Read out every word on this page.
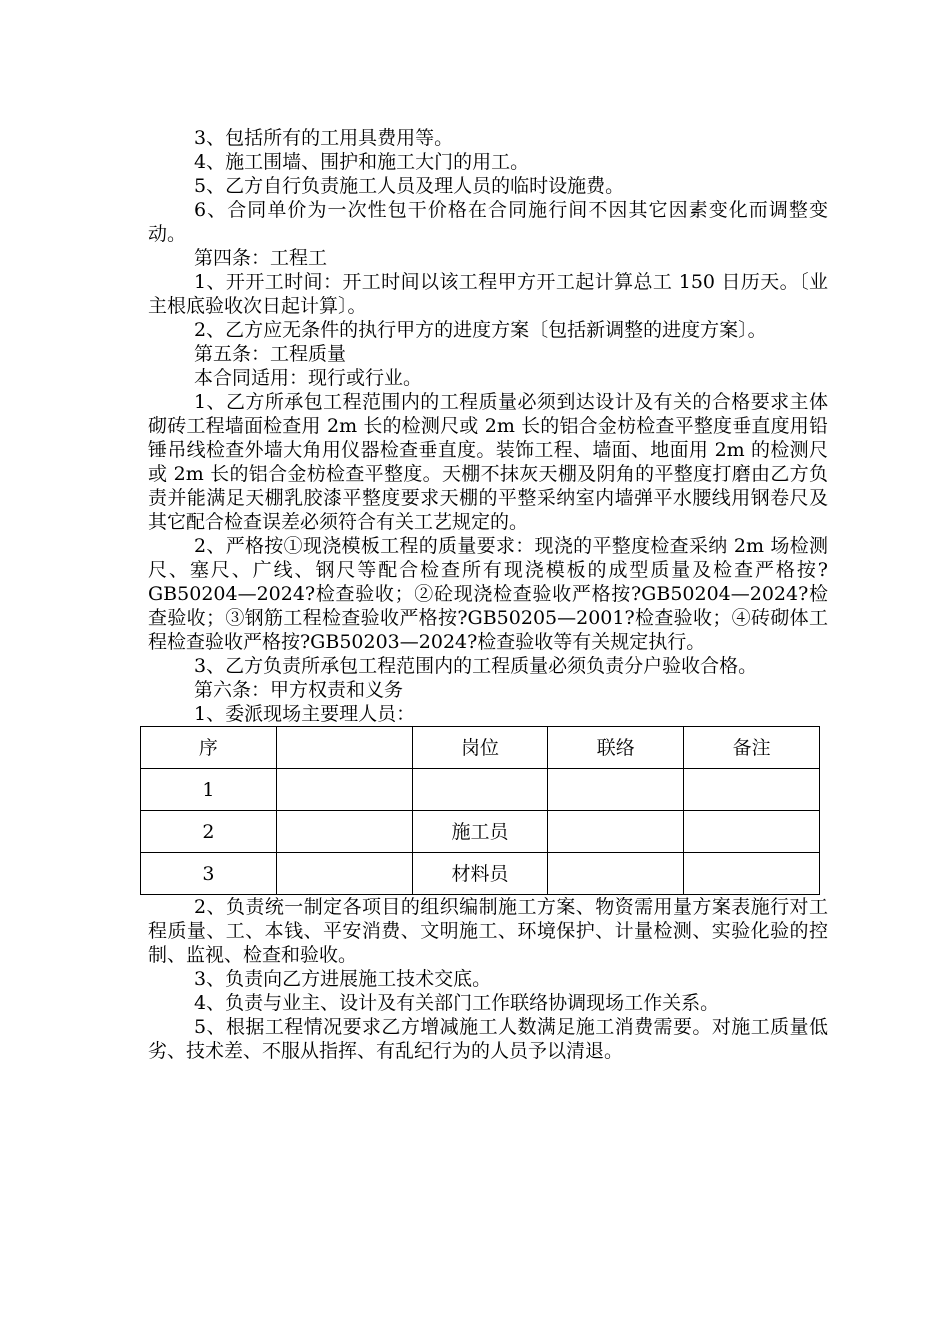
3、包括所有的工用具费用等。

4、施工围墙、围护和施工大门的用工。

5、乙方自行负责施工人员及理人员的临时设施费。

6、合同单价为一次性包干价格在合同施行间不因其它因素变化而调整变动。

第四条：工程工

1、开开工时间：开工时间以该工程甲方开工起计算总工 150 日历天。〔业主根底验收次日起计算〕。

2、乙方应无条件的执行甲方的进度方案〔包括新调整的进度方案〕。

第五条：工程质量

本合同适用：现行或行业。

1、乙方所承包工程范围内的工程质量必须到达设计及有关的合格要求主体砌砖工程墙面检查用 2m 长的检测尺或 2m 长的铝合金枋检查平整度垂直度用铅锤吊线检查外墙大角用仪器检查垂直度。装饰工程、墙面、地面用 2m 的检测尺或 2m 长的铝合金枋检查平整度。天棚不抹灰天棚及阴角的平整度打磨由乙方负责并能满足天棚乳胶漆平整度要求天棚的平整采纳室内墙弹平水腰线用钢卷尺及其它配合检查误差必须符合有关工艺规定的。

2、严格按①现浇模板工程的质量要求：现浇的平整度检查采纳 2m 场检测尺、塞尺、广线、钢尺等配合检查所有现浇模板的成型质量及检查严格按?GB50204—2024?检查验收；②砼现浇检查验收严格按?GB50204—2024?检查验收；③钢筋工程检查验收严格按?GB50205—2001?检查验收；④砖砌体工程检查验收严格按?GB50203—2024?检查验收等有关规定执行。

3、乙方负责所承包工程范围内的工程质量必须负责分户验收合格。

第六条：甲方权责和义务

1、委派现场主要理人员：

序		岗位	联络	备注
1				
2		施工员		
3		材料员		

2、负责统一制定各项目的组织编制施工方案、物资需用量方案表施行对工程质量、工、本钱、平安消费、文明施工、环境保护、计量检测、实验化验的控制、监视、检查和验收。

3、负责向乙方进展施工技术交底。

4、负责与业主、设计及有关部门工作联络协调现场工作关系。

5、根据工程情况要求乙方增减施工人数满足施工消费需要。对施工质量低劣、技术差、不服从指挥、有乱纪行为的人员予以清退。
